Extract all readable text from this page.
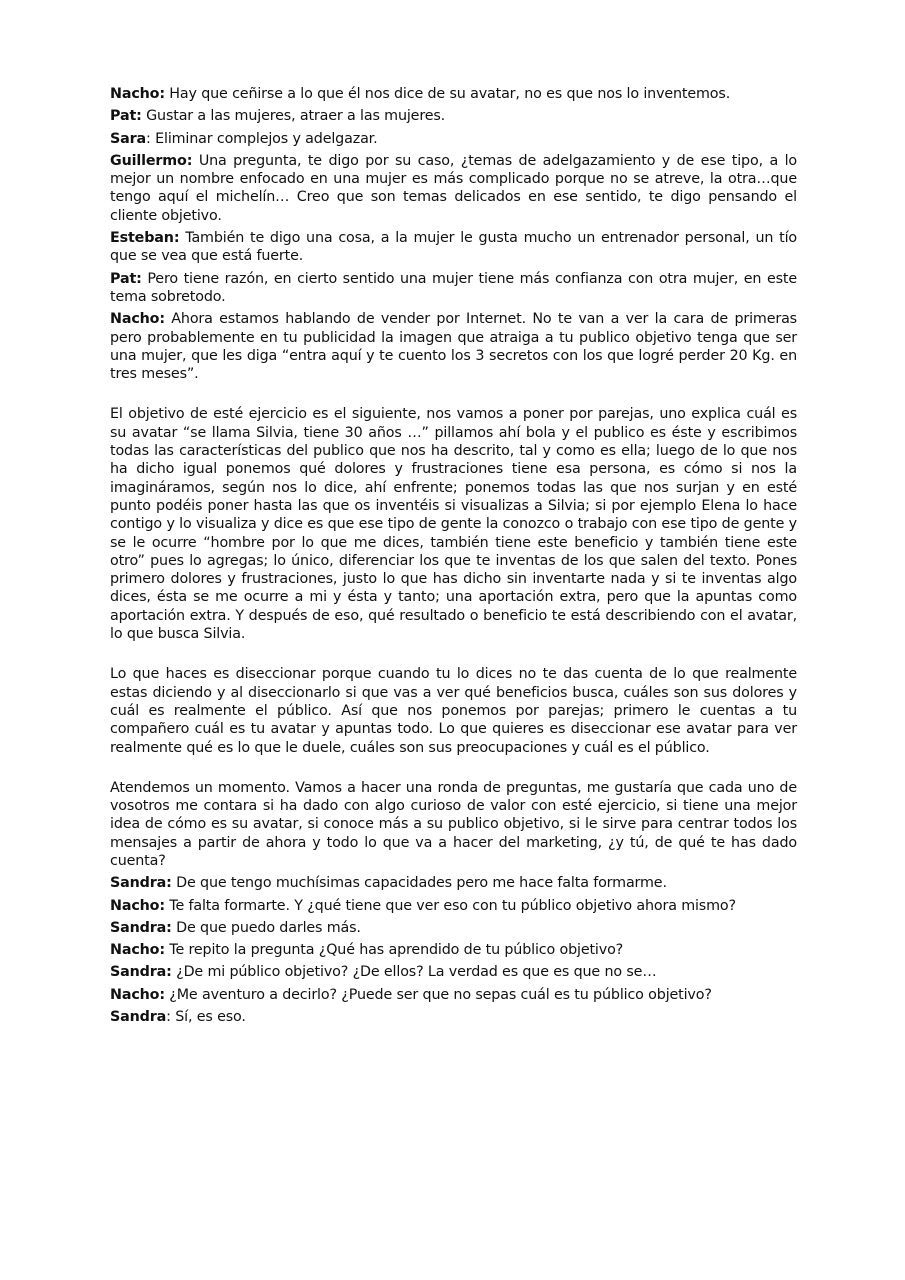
Nacho: Hay que ceñirse a lo que él nos dice de su avatar, no es que nos lo inventemos.

Pat: Gustar a las mujeres, atraer a las mujeres.

Sara: Eliminar complejos y adelgazar.

Guillermo: Una pregunta, te digo por su caso, ¿temas de adelgazamiento y de ese tipo, a lo mejor un nombre enfocado en una mujer es más complicado porque no se atreve, la otra…que tengo aquí el michelín… Creo que son temas delicados en ese sentido, te digo pensando el cliente objetivo.

Esteban: También te digo una cosa, a la mujer le gusta mucho un entrenador personal, un tío que se vea que está fuerte.

Pat: Pero tiene razón, en cierto sentido una mujer tiene más confianza con otra mujer, en este tema sobretodo.

Nacho: Ahora estamos hablando de vender por Internet. No te van a ver la cara de primeras pero probablemente en tu publicidad la imagen que atraiga a tu publico objetivo tenga que ser una mujer, que les diga “entra aquí y te cuento los 3 secretos con los que logré perder 20 Kg. en tres meses”.

El objetivo de esté ejercicio es el siguiente, nos vamos a poner por parejas, uno explica cuál es su avatar “se llama Silvia, tiene 30 años …” pillamos ahí bola y el publico es éste y escribimos todas las características del publico que nos ha descrito, tal y como es ella; luego de lo que nos ha dicho igual ponemos qué dolores y frustraciones tiene esa persona, es cómo si nos la imagináramos, según nos lo dice, ahí enfrente; ponemos todas las que nos surjan y en esté punto podéis poner hasta las que os inventéis si visualizas a Silvia; si por ejemplo Elena lo hace contigo y lo visualiza y dice es que ese tipo de gente la conozco o trabajo con ese tipo de gente y se le ocurre “hombre por lo que me dices, también tiene este beneficio y también tiene este otro” pues lo agregas; lo único, diferenciar los que te inventas de los que salen del texto. Pones primero dolores y frustraciones, justo lo que has dicho sin inventarte nada y si te inventas algo dices, ésta se me ocurre a mi y ésta y tanto; una aportación extra, pero que la apuntas como aportación extra. Y después de eso, qué resultado o beneficio te está describiendo con el avatar, lo que busca Silvia.

Lo que haces es diseccionar porque cuando tu lo dices no te das cuenta de lo que realmente estas diciendo y al diseccionarlo si que vas a ver qué beneficios busca, cuáles son sus dolores y cuál es realmente el público. Así que nos ponemos por parejas; primero le cuentas a tu compañero cuál es tu avatar y apuntas todo. Lo que quieres es diseccionar ese avatar para ver realmente qué es lo que le duele, cuáles son sus preocupaciones y cuál es el público.

Atendemos un momento. Vamos a hacer una ronda de preguntas, me gustaría que cada uno de vosotros me contara si ha dado con algo curioso de valor con esté ejercicio, si tiene una mejor idea de cómo es su avatar, si conoce más a su publico objetivo, si le sirve para centrar todos los mensajes a partir de ahora y todo lo que va a hacer del marketing, ¿y tú, de qué te has dado cuenta?

Sandra: De que tengo muchísimas capacidades pero me hace falta formarme.

Nacho: Te falta formarte. Y ¿qué tiene que ver eso con tu público objetivo ahora mismo?

Sandra: De que puedo darles más.

Nacho: Te repito la pregunta ¿Qué has aprendido de tu público objetivo?

Sandra: ¿De mi público objetivo? ¿De ellos? La verdad es que es que no se…

Nacho: ¿Me aventuro a decirlo? ¿Puede ser que no sepas cuál es tu público objetivo?

Sandra: Sí, es eso.
